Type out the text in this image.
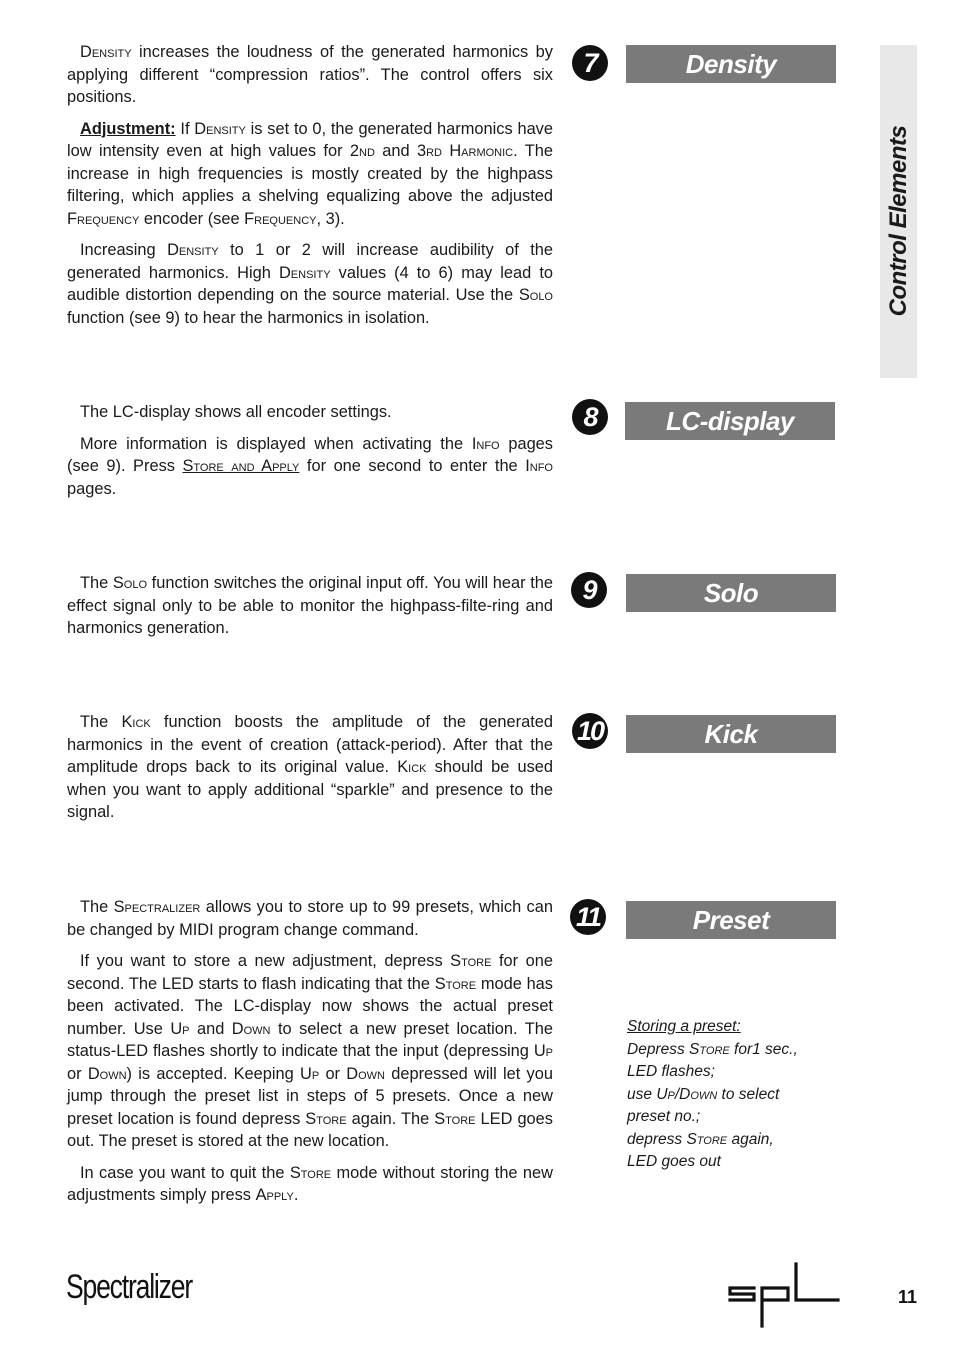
Control Elements

Density increases the loudness of the generated harmonics by applying different “compression ratios”. The control offers six positions.

Adjustment: If Density is set to 0, the generated harmonics have low intensity even at high values for 2nd and 3rd Harmonic. The increase in high frequencies is mostly created by the highpass filtering, which applies a shelving equalizing above the adjusted Frequency encoder (see Frequency, 3).

Increasing Density to 1 or 2 will increase audibility of the generated harmonics. High Density values (4 to 6) may lead to audible distortion depending on the source material. Use the Solo function (see 9) to hear the harmonics in isolation.

7	Density

The LC-display shows all encoder settings.

More information is displayed when activating the Info pages (see 9). Press Store and Apply for one second to enter the Info pages.

8	LC-display

The Solo function switches the original input off. You will hear the effect signal only to be able to monitor the highpass-filte-ring and harmonics generation.

9	Solo

The Kick function boosts the amplitude of the generated harmonics in the event of creation (attack-period). After that the amplitude drops back to its original value. Kick should be used when you want to apply additional “sparkle” and presence to the signal.

10	Kick

The Spectralizer allows you to store up to 99 presets, which can be changed by MIDI program change command.

If you want to store a new adjustment, depress Store for one second. The LED starts to flash indicating that the Store mode has been activated. The LC-display now shows the actual preset number. Use Up and Down to select a new preset location. The status-LED flashes shortly to indicate that the input (depressing Up or Down) is accepted. Keeping Up or Down depressed will let you jump through the preset list in steps of 5 presets. Once a new preset location is found depress Store again. The Store LED goes out. The preset is stored at the new location.

In case you want to quit the Store mode without storing the new adjustments simply press Apply.

11	Preset
Storing a preset:
Depress Store for1 sec.,
LED flashes;
use Up/Down to select
preset no.;
depress Store again,
LED goes out
Spectralizer	11
